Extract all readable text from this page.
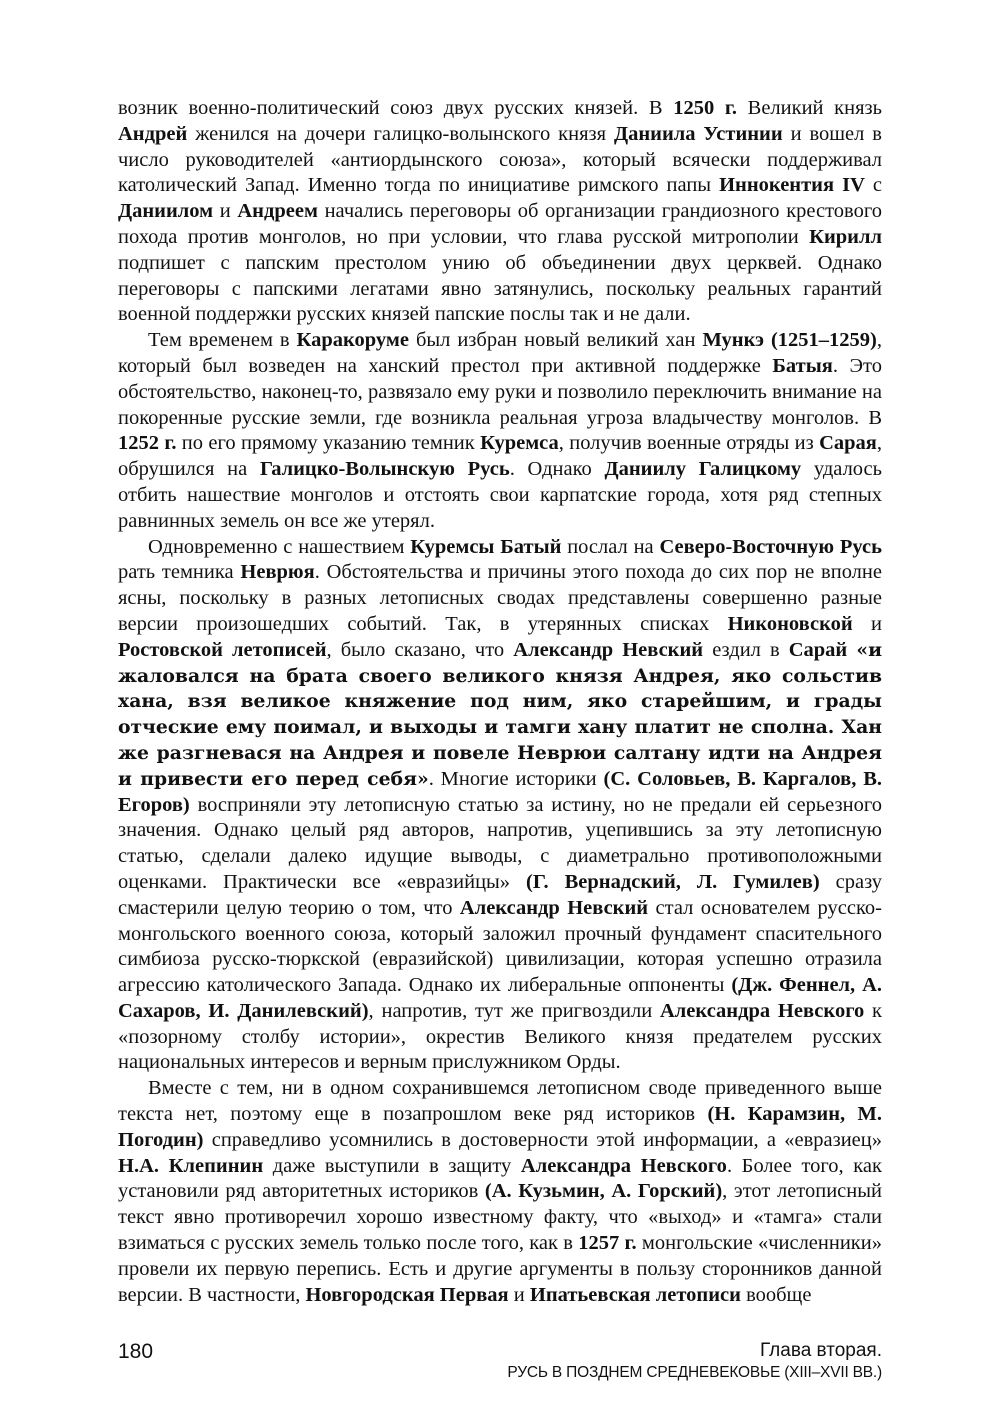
возник военно-политический союз двух русских князей. В 1250 г. Великий князь Андрей женился на дочери галицко-волынского князя Даниила Устинии и вошел в число руководителей «антиордынского союза», который всячески поддерживал католический Запад. Именно тогда по инициативе римского папы Иннокентия IV с Даниилом и Андреем начались переговоры об организации грандиозного крестового похода против монголов, но при условии, что глава русской митрополии Кирилл подпишет с папским престолом унию об объединении двух церквей. Однако переговоры с папскими легатами явно затянулись, поскольку реальных гарантий военной поддержки русских князей папские послы так и не дали.

Тем временем в Каракоруме был избран новый великий хан Мункэ (1251–1259), который был возведен на ханский престол при активной поддержке Батыя. Это обстоятельство, наконец-то, развязало ему руки и позволило переключить внимание на покоренные русские земли, где возникла реальная угроза владычеству монголов. В 1252 г. по его прямому указанию темник Куремса, получив военные отряды из Сарая, обрушился на Галицко-Волынскую Русь. Однако Даниилу Галицкому удалось отбить нашествие монголов и отстоять свои карпатские города, хотя ряд степных равнинных земель он все же утерял.

Одновременно с нашествием Куремсы Батый послал на Северо-Восточную Русь рать темника Неврюя. Обстоятельства и причины этого похода до сих пор не вполне ясны, поскольку в разных летописных сводах представлены совершенно разные версии произошедших событий. Так, в утерянных списках Никоновской и Ростовской летописей, было сказано, что Александр Невский ездил в Сарай «и жаловался на брата своего великого князя Андрея, яко сольстив хана, взя великое княжение под ним, яко старейшим, и грады отческие ему поимал, и выходы и тамги хану платит не сполна. Хан же разгневася на Андрея и повеле Неврюи салтану идти на Андрея и привести его перед себя». Многие историки (С. Соловьев, В. Каргалов, В. Егоров) восприняли эту летописную статью за истину, но не предали ей серьезного значения. Однако целый ряд авторов, напротив, уцепившись за эту летописную статью, сделали далеко идущие выводы, с диаметрально противоположными оценками. Практически все «евразийцы» (Г. Вернадский, Л. Гумилев) сразу смастерили целую теорию о том, что Александр Невский стал основателем русско-монгольского военного союза, который заложил прочный фундамент спасительного симбиоза русско-тюркской (евразийской) цивилизации, которая успешно отразила агрессию католического Запада. Однако их либеральные оппоненты (Дж. Феннел, А. Сахаров, И. Данилевский), напротив, тут же пригвоздили Александра Невского к «позорному столбу истории», окрестив Великого князя предателем русских национальных интересов и верным прислужником Орды.

Вместе с тем, ни в одном сохранившемся летописном своде приведенного выше текста нет, поэтому еще в позапрошлом веке ряд историков (Н. Карамзин, М. Погодин) справедливо усомнились в достоверности этой информации, а «евразиец» Н.А. Клепинин даже выступили в защиту Александра Невского. Более того, как установили ряд авторитетных историков (А. Кузьмин, А. Горский), этот летописный текст явно противоречил хорошо известному факту, что «выход» и «тамга» стали взиматься с русских земель только после того, как в 1257 г. монгольские «численники» провели их первую перепись. Есть и другие аргументы в пользу сторонников данной версии. В частности, Новгородская Первая и Ипатьевская летописи вообще

180	Глава вторая.
РУСЬ В ПОЗДНЕМ СРЕДНЕВЕКОВЬЕ (XIII–XVII ВВ.)
